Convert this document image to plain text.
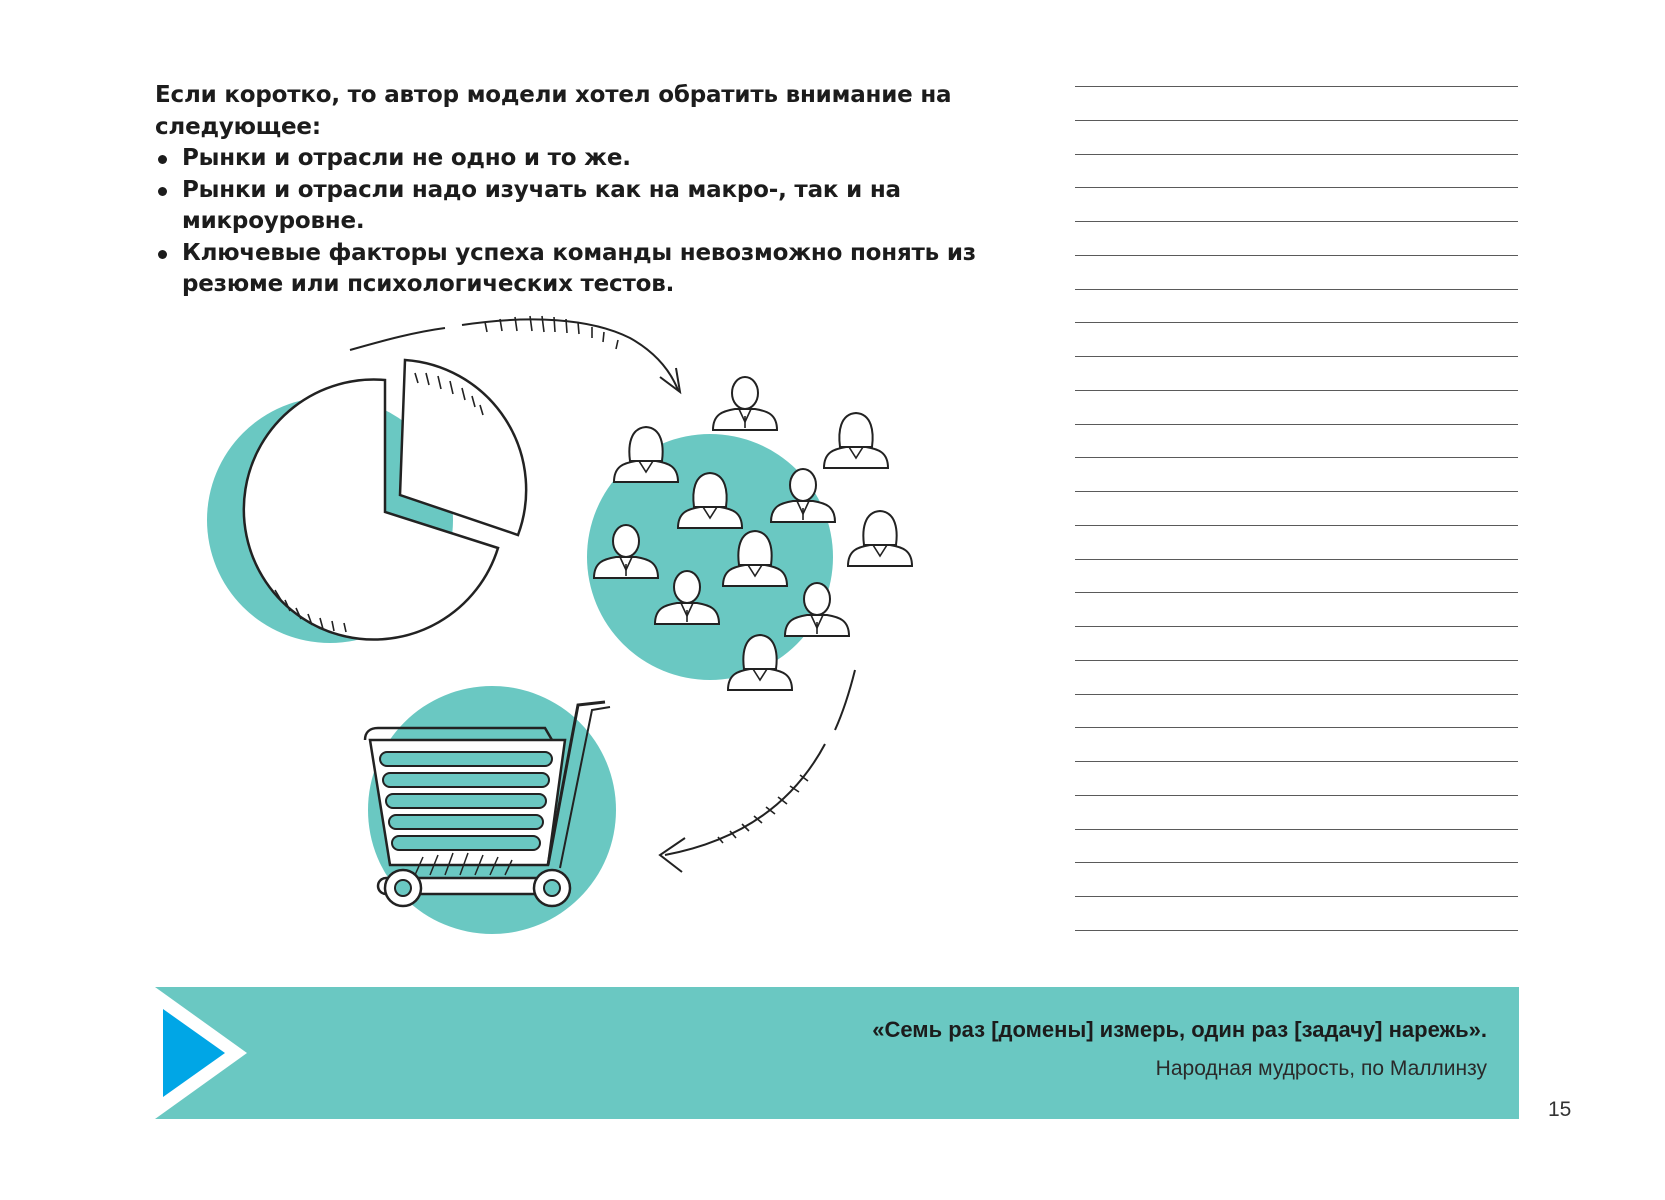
Если коротко, то автор модели хотел обратить внимание на следующее:

Рынки и отрасли не одно и то же.
Рынки и отрасли надо изучать как на макро-, так и на микроуровне.
Ключевые факторы успеха команды невозможно понять из резюме или психологических тестов.
«Семь раз [домены] измерь, один раз [задачу] нарежь».
Народная мудрость, по Маллинзу
15
